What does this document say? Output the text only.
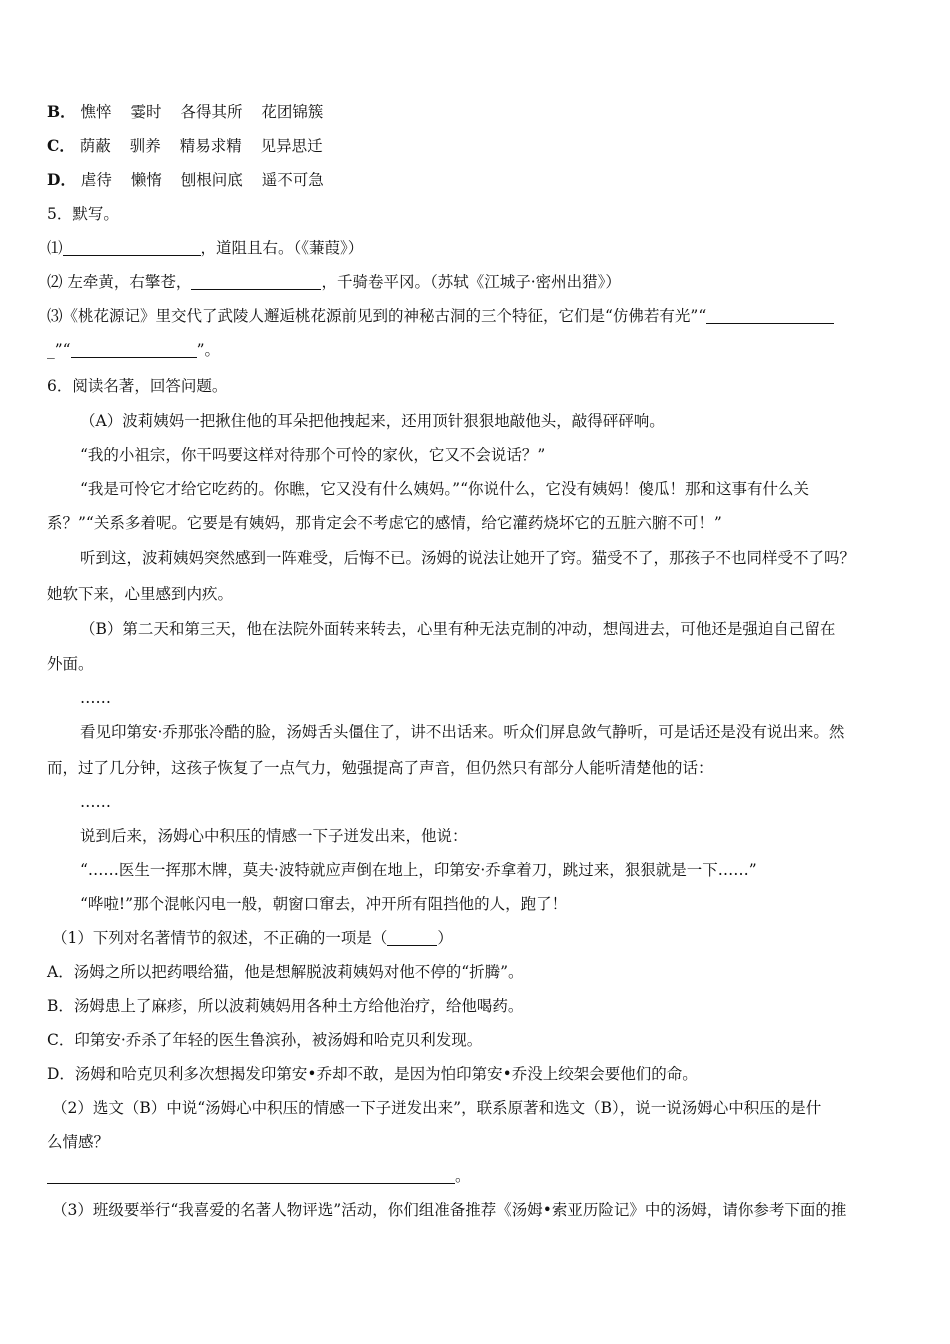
B． 憔悴 霎时 各得其所 花团锦簇
C． 荫蔽 驯养 精易求精 见异思迁
D． 虐待 懒惰 刨根问底 遥不可急
5．默写。
⑴	，道阻且右。（《蒹葭》）
⑵ 左牵黄，右擎苍，	，千骑卷平冈。（苏轼《江城子·密州出猎》）
⑶《桃花源记》里交代了武陵人邂逅桃花源前见到的神秘古洞的三个特征，它们是“仿佛若有光”“
_”“	”。
6．阅读名著，回答问题。
（A）波莉姨妈一把揪住他的耳朵把他拽起来，还用顶针狠狠地敲他头，敲得砰砰响。
“我的小祖宗，你干吗要这样对待那个可怜的家伙，它又不会说话？”
“我是可怜它才给它吃药的。你瞧，它又没有什么姨妈。”“你说什么，它没有姨妈！傻瓜！那和这事有什么关
系？”“关系多着呢。它要是有姨妈，那肯定会不考虑它的感情，给它灌药烧坏它的五脏六腑不可！”
听到这，波莉姨妈突然感到一阵难受，后悔不已。汤姆的说法让她开了窍。猫受不了，那孩子不也同样受不了吗？
她软下来，心里感到内疚。
（B）第二天和第三天，他在法院外面转来转去，心里有种无法克制的冲动，想闯进去，可他还是强迫自己留在
外面。
……
看见印第安·乔那张冷酷的脸，汤姆舌头僵住了，讲不出话来。听众们屏息敛气静听，可是话还是没有说出来。然
而，过了几分钟，这孩子恢复了一点气力，勉强提高了声音，但仍然只有部分人能听清楚他的话：
……
说到后来，汤姆心中积压的情感一下子迸发出来，他说：
“……医生一挥那木牌，莫夫·波特就应声倒在地上，印第安·乔拿着刀，跳过来，狠狠就是一下……”
“哗啦!”那个混帐闪电一般，朝窗口窜去，冲开所有阻挡他的人，跑了！
（1）下列对名著情节的叙述，不正确的一项是（	）
A．汤姆之所以把药喂给猫，他是想解脱波莉姨妈对他不停的“折腾”。
B．汤姆患上了麻疹，所以波莉姨妈用各种土方给他治疗，给他喝药。
C．印第安·乔杀了年轻的医生鲁滨孙，被汤姆和哈克贝利发现。
D．汤姆和哈克贝利多次想揭发印第安•乔却不敢，是因为怕印第安•乔没上绞架会要他们的命。
（2）选文（B）中说“汤姆心中积压的情感一下子迸发出来”，联系原著和选文（B），说一说汤姆心中积压的是什
么情感？
。
（3）班级要举行“我喜爱的名著人物评选”活动，你们组准备推荐《汤姆•索亚历险记》中的汤姆，请你参考下面的推
